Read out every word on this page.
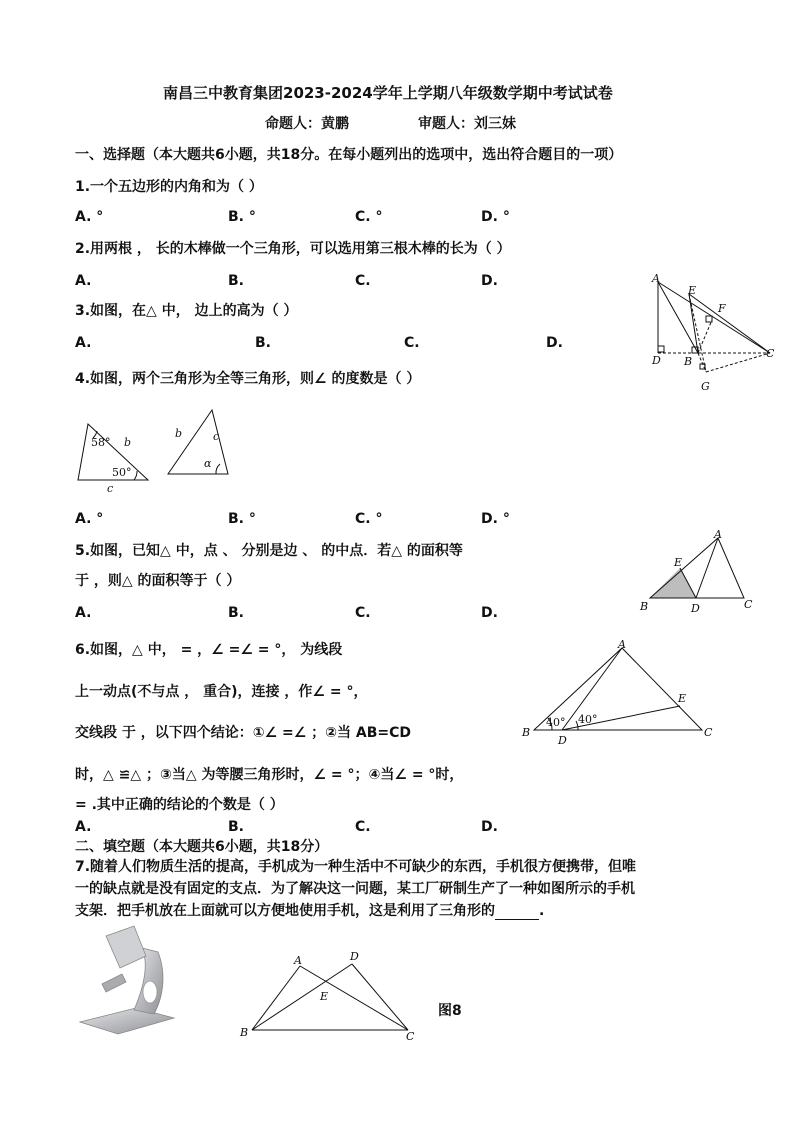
南昌三中教育集团2023-2024学年上学期八年级数学期中考试试卷
命题人：黄鹏	审题人：刘三妹
一、选择题（本大题共6小题，共18分。在每小题列出的选项中，选出符合题目的一项）
1.一个五边形的内角和为（ ）
A. °	B. °	C. °	D. °
2.用两根 ， 长的木棒做一个三角形，可以选用第三根木棒的长为（ ）
A.	B.	C.	D.
3.如图，在△ 中， 边上的高为（ ）
A.	B.	C.	D.
A
E
F
D B
C
G
4.如图，两个三角形为全等三角形，则∠ 的度数是（ ）
58° b
50°
c
b	c
α
A. °	B. °	C. °	D. °
5.如图，已知△ 中，点 、 分别是边 、 的中点．若△ 的面积等
于 ，则△ 的面积等于（ ）
A.	B.	C.	D.
A
E
B	D	C
6.如图，△ 中， = ，∠ =∠ = °， 为线段
上一动点(不与点 ， 重合)，连接 ，作∠ = °，
交线段 于 ，以下四个结论：①∠ =∠ ；②当 AB=CD
时，△ ≌△ ；③当△ 为等腰三角形时，∠ = °；④当∠ = °时，
= .其中正确的结论的个数是（ ）
A.	B.	C.	D.
A
E
B
D
C
40° 40°
二、填空题（本大题共6小题，共18分）
7.随着人们物质生活的提高，手机成为一种生活中不可缺少的东西，手机很方便携带，但唯
一的缺点就是没有固定的支点．为了解决这一问题，某工厂研制生产了一种如图所示的手机
支架．把手机放在上面就可以方便地使用手机，这是利用了三角形的	.
A	D
E
B	C
图8
